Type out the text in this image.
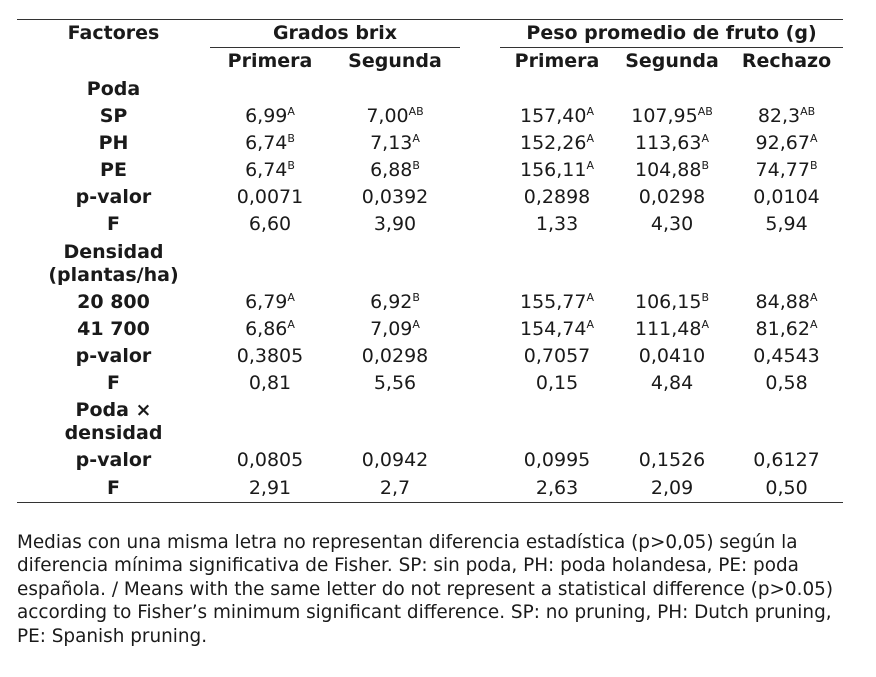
Factores	Grados brix			Peso promedio de fruto (g)		
	Primera	Segunda		Primera	Segunda	Rechazo
Poda						
SP	$6,99^A$	$7,00^{AB}$		$157,40^A$	$107,95^{AB}$	$82,3^{AB}$
PH	$6,74^B$	$7,13^A$		$152,26^A$	$113,63^A$	$92,67^A$
PE	$6,74^B$	$6,88^B$		$156,11^A$	$104,88^B$	$74,77^B$
p-valor	0,0071	0,0392		0,2898	0,0298	0,0104
F	6,60	3,90		1,33	4,30	5,94
Densidad (plantas/ha)						
20 800	$6,79^A$	$6,92^B$		$155,77^A$	$106,15^B$	$84,88^A$
41 700	$6,86^A$	$7,09^A$		$154,74^A$	$111,48^A$	$81,62^A$
p-valor	0,3805	0,0298		0,7057	0,0410	0,4543
F	0,81	5,56		0,15	4,84	0,58
Poda × densidad						
p-valor	0,0805	0,0942		0,0995	0,1526	0,6127
F	2,91	2,7		2,63	2,09	0,50
Medias con una misma letra no representan diferencia estadística (p>0,05) según la diferencia mínima significativa de Fisher. SP: sin poda, PH: poda holandesa, PE: poda española. / Means with the same letter do not represent a statistical difference (p>0.05) according to Fisher’s minimum significant difference. SP: no pruning, PH: Dutch pruning, PE: Spanish pruning.
